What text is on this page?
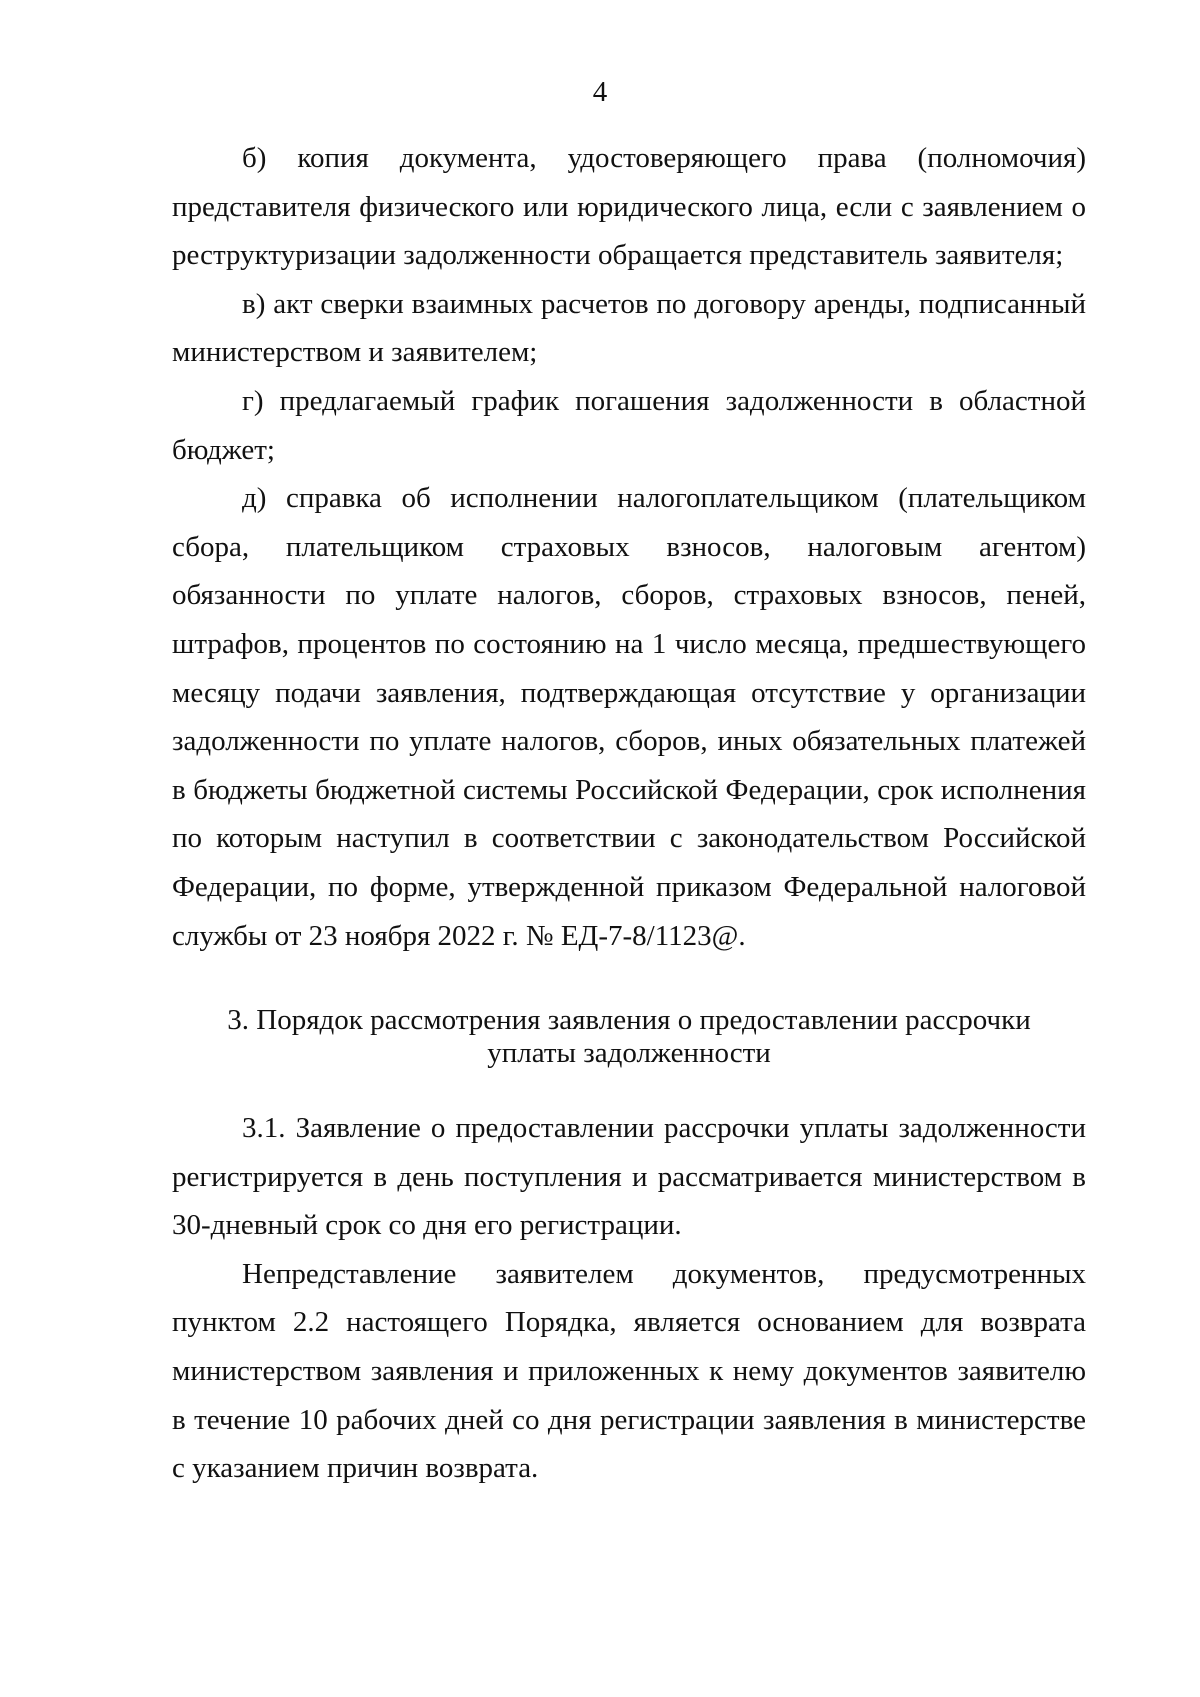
4

б) копия документа, удостоверяющего права (полномочия) представителя физического или юридического лица, если с заявлением о реструктуризации задолженности обращается представитель заявителя;

в) акт сверки взаимных расчетов по договору аренды, подписанный министерством и заявителем;

г) предлагаемый график погашения задолженности в областной бюджет;

д) справка об исполнении налогоплательщиком (плательщиком сбора, плательщиком страховых взносов, налоговым агентом) обязанности по уплате налогов, сборов, страховых взносов, пеней, штрафов, процентов по состоянию на 1 число месяца, предшествующего месяцу подачи заявления, подтверждающая отсутствие у организации задолженности по уплате налогов, сборов, иных обязательных платежей в бюджеты бюджетной системы Российской Федерации, срок исполнения по которым наступил в соответствии с законодательством Российской Федерации, по форме, утвержденной приказом Федеральной налоговой службы от 23 ноября 2022 г. № ЕД-7-8/1123@.

3. Порядок рассмотрения заявления о предоставлении рассрочки
уплаты задолженности

3.1. Заявление о предоставлении рассрочки уплаты задолженности регистрируется в день поступления и рассматривается министерством в 30-дневный срок со дня его регистрации.

Непредставление заявителем документов, предусмотренных пунктом 2.2 настоящего Порядка, является основанием для возврата министерством заявления и приложенных к нему документов заявителю в течение 10 рабочих дней со дня регистрации заявления в министерстве с указанием причин возврата.
